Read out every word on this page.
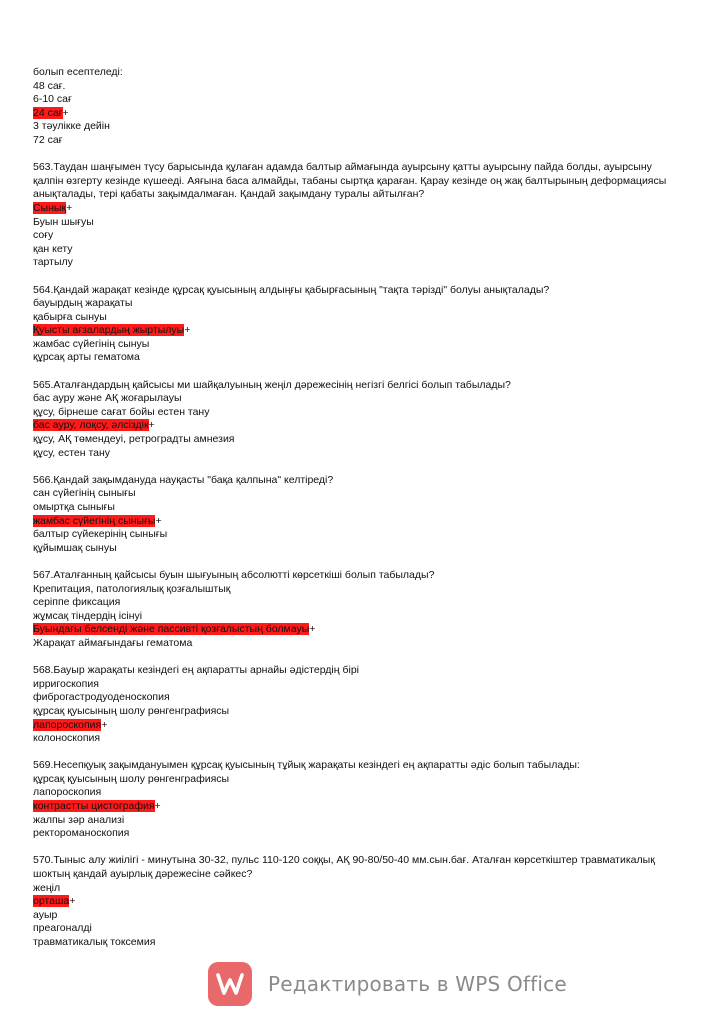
болып есептеледі:
48 сағ.
6-10 сағ
24 сағ+
3 тәулікке дейін
72 сағ
563.Таудан шаңғымен түсу барысында құлаған адамда балтыр аймағында ауырсыну қатты ауырсыну пайда болды, ауырсыну қалпін өзгерту кезінде күшееді. Аяғына баса алмайды, табаны сыртқа қараған. Қарау кезінде оң жақ балтырының деформациясы анықталады, тері қабаты зақымдалмаған. Қандай зақымдану туралы айтылған?
Сынық+
Буын шығуы
соғу
қан кету
тартылу
564.Қандай жарақат кезінде құрсақ қуысының алдыңғы қабырғасының "тақта тәрізді" болуы анықталады?
бауырдың жарақаты
қабырға сынуы
Қуысты ағзалардың жыртылуы+
жамбас сүйегінің сынуы
құрсақ арты гематома
565.Аталғандардың қайсысы ми шайқалуының жеңіл дәрежесінің негізгі белгісі болып табылады?
бас ауру және АҚ жоғарылауы
құсу, бірнеше сағат бойы естен тану
бас ауру, лоқсу, әлсіздік+
құсу, АҚ төмендеуі, ретроградты амнезия
құсу, естен тану
566.Қандай зақымдануда науқасты "бақа қалпына" келтіреді?
сан сүйегінің сынығы
омыртқа сынығы
жамбас сүйегінің сынығы+
балтыр сүйекерінің сынығы
құйымшақ сынуы
567.Аталғанның қайсысы буын шығуының абсолютті көрсеткіші болып табылады?
Крепитация, патологиялық қозғалыштық
серіппе фиксация
жұмсақ тіндердің ісінуі
Буындағы белсенді және пассивті қозғалыстың болмауы+
Жарақат аймағындағы гематома
568.Бауыр жарақаты кезіндегі ең ақпаратты арнайы әдістердің бірі
ирригоскопия
фиброгастродуоденоскопия
құрсақ қуысының шолу рөнгенграфиясы
лапороскопия+
колоноскопия
569.Несепқуық зақымдануымен құрсақ қуысының тұйық жарақаты кезіндегі ең ақпаратты әдіс болып табылады:
құрсақ қуысының шолу рөнгенграфиясы
лапороскопия
контрастты цистография+
жалпы зәр анализі
ректороманоскопия
570.Тыныс алу жиілігі - минутына 30-32, пульс 110-120 соққы, АҚ 90-80/50-40 мм.сын.бағ. Аталған көрсеткіштер травматикалық шоктың қандай ауырлық дәрежесіне сәйкес?
жеңіл
орташа+
ауыр
преагоналді
травматикалық токсемия
Редактировать в WPS Office
